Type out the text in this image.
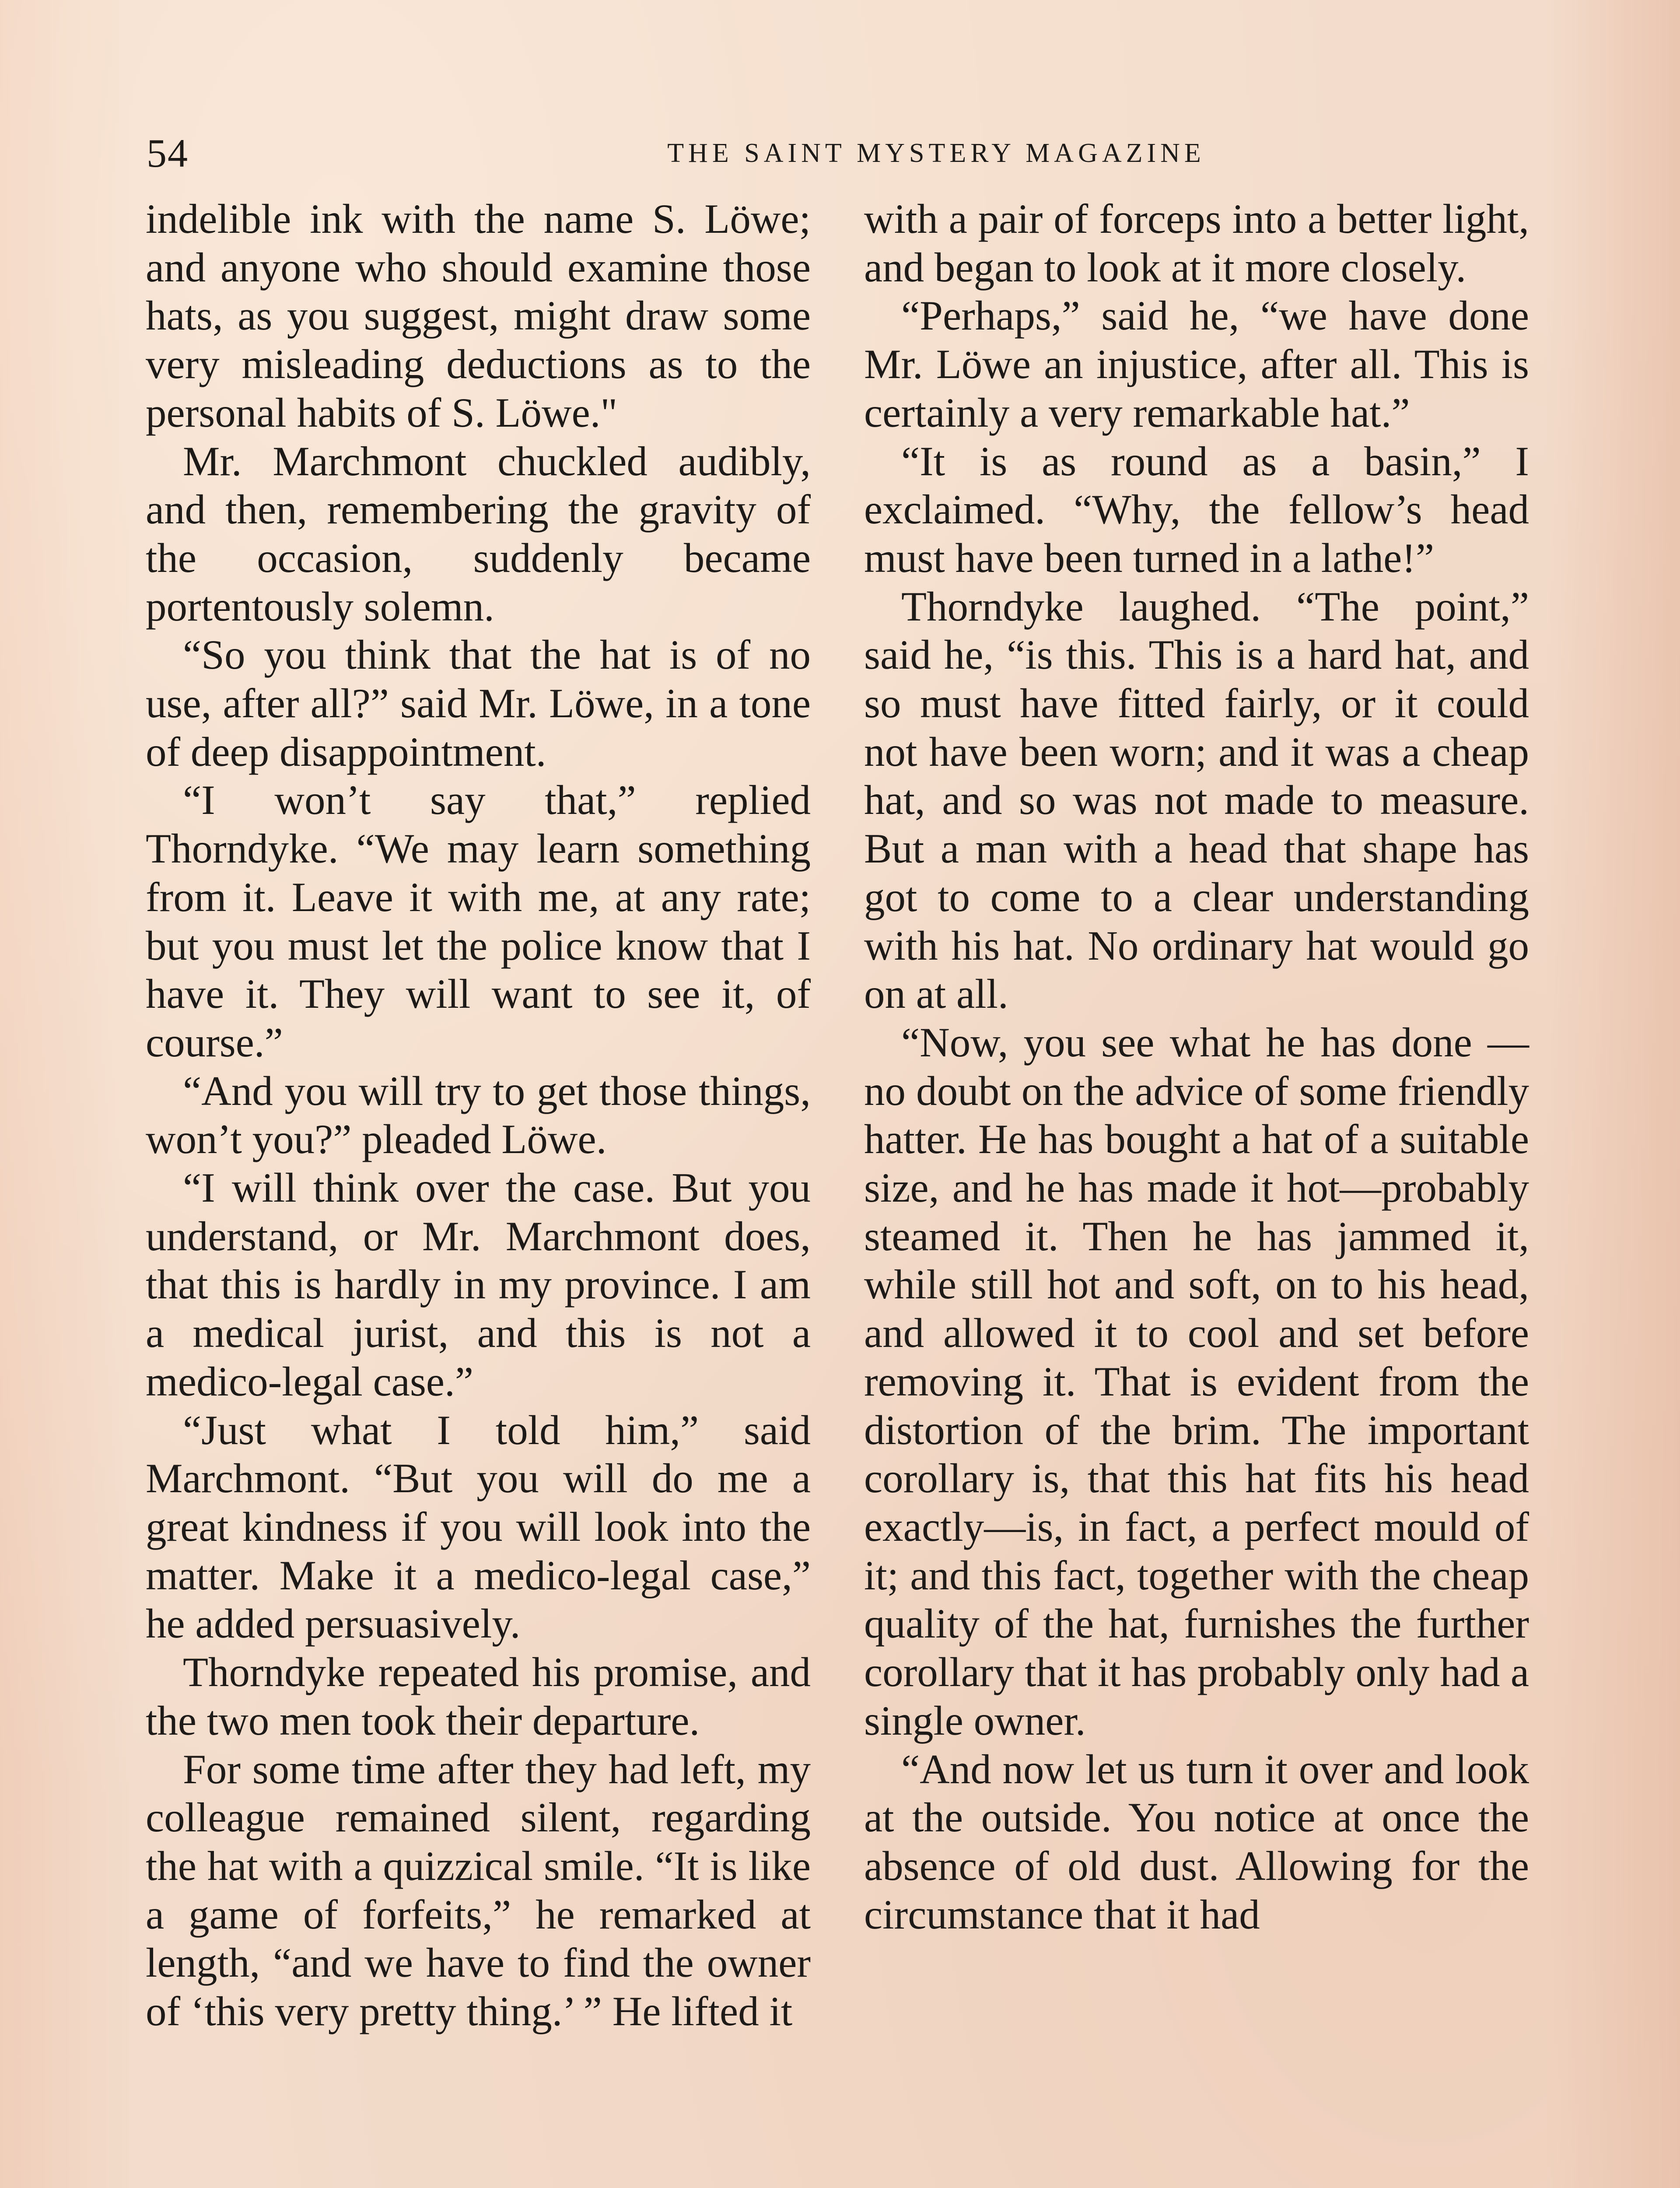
54	THE SAINT MYSTERY MAGAZINE

indelible ink with the name S. Löwe; and anyone who should examine those hats, as you suggest, might draw some very misleading deductions as to the personal habits of S. Löwe."

Mr. Marchmont chuckled audibly, and then, remembering the gravity of the occasion, suddenly became portentously solemn.

“So you think that the hat is of no use, after all?” said Mr. Löwe, in a tone of deep disappointment.

“I won’t say that,” replied Thorndyke. “We may learn something from it. Leave it with me, at any rate; but you must let the police know that I have it. They will want to see it, of course.”

“And you will try to get those things, won’t you?” pleaded Löwe.

“I will think over the case. But you understand, or Mr. Marchmont does, that this is hardly in my province. I am a medical jurist, and this is not a medico-legal case.”

“Just what I told him,” said Marchmont. “But you will do me a great kindness if you will look into the matter. Make it a medico-legal case,” he added persuasively.

Thorndyke repeated his promise, and the two men took their departure.

For some time after they had left, my colleague remained silent, regarding the hat with a quizzical smile. “It is like a game of forfeits,” he remarked at length, “and we have to find the owner of ‘this very pretty thing.’ ” He lifted it

with a pair of forceps into a better light, and began to look at it more closely.

“Perhaps,” said he, “we have done Mr. Löwe an injustice, after all. This is certainly a very remarkable hat.”

“It is as round as a basin,” I exclaimed. “Why, the fellow’s head must have been turned in a lathe!”

Thorndyke laughed. “The point,” said he, “is this. This is a hard hat, and so must have fitted fairly, or it could not have been worn; and it was a cheap hat, and so was not made to measure. But a man with a head that shape has got to come to a clear understanding with his hat. No ordinary hat would go on at all.

“Now, you see what he has done —no doubt on the advice of some friendly hatter. He has bought a hat of a suitable size, and he has made it hot—probably steamed it. Then he has jammed it, while still hot and soft, on to his head, and allowed it to cool and set before removing it. That is evident from the distortion of the brim. The important corollary is, that this hat fits his head exactly—is, in fact, a perfect mould of it; and this fact, together with the cheap quality of the hat, furnishes the further corollary that it has probably only had a single owner.

“And now let us turn it over and look at the outside. You notice at once the absence of old dust. Allowing for the circumstance that it had
